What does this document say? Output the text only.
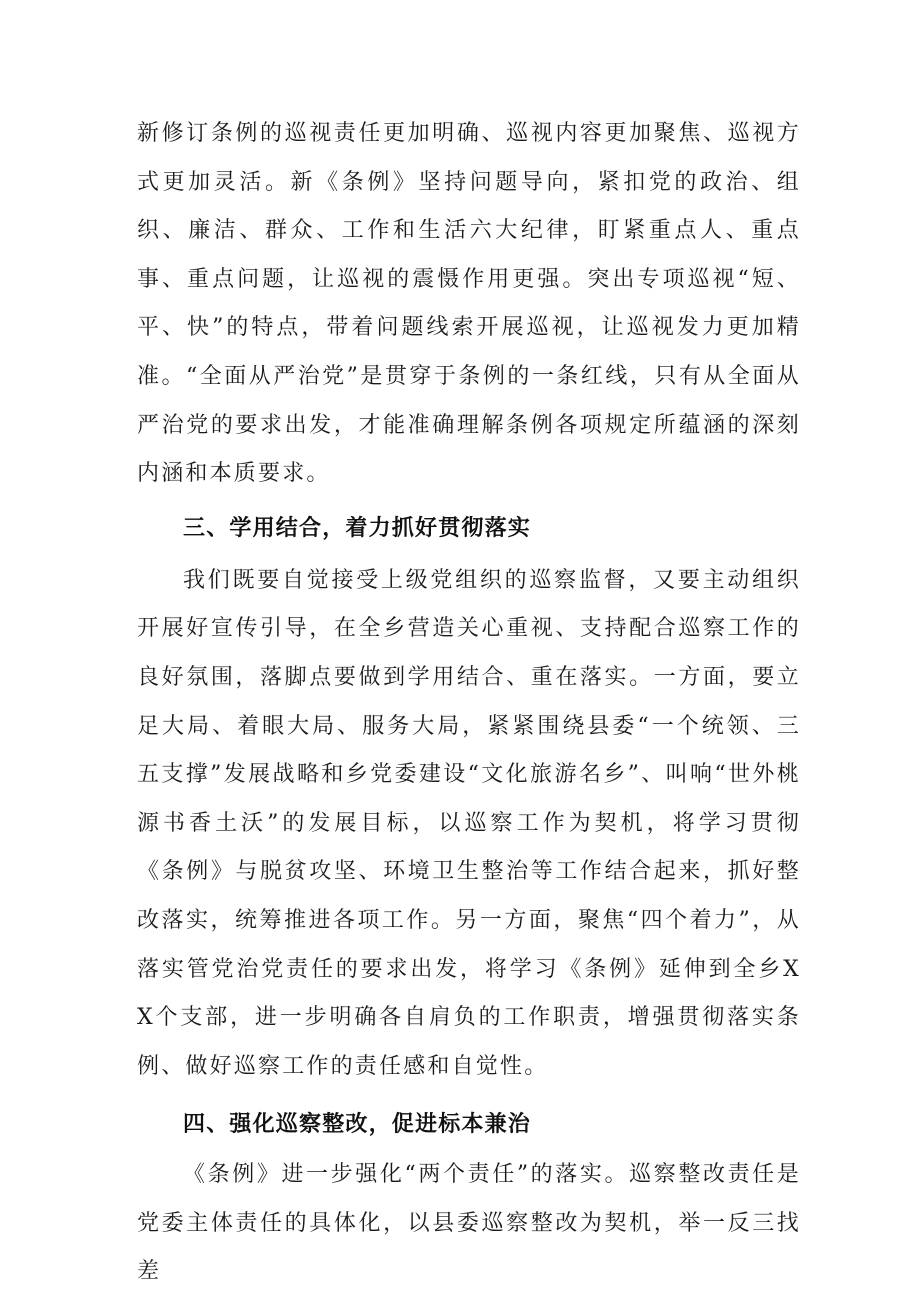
新修订条例的巡视责任更加明确、巡视内容更加聚焦、巡视方式更加灵活。新《条例》坚持问题导向，紧扣党的政治、组织、廉洁、群众、工作和生活六大纪律，盯紧重点人、重点事、重点问题，让巡视的震慑作用更强。突出专项巡视“短、平、快”的特点，带着问题线索开展巡视，让巡视发力更加精准。“全面从严治党”是贯穿于条例的一条红线，只有从全面从严治党的要求出发，才能准确理解条例各项规定所蕴涵的深刻内涵和本质要求。

三、学用结合，着力抓好贯彻落实

我们既要自觉接受上级党组织的巡察监督，又要主动组织开展好宣传引导，在全乡营造关心重视、支持配合巡察工作的良好氛围，落脚点要做到学用结合、重在落实。一方面，要立足大局、着眼大局、服务大局，紧紧围绕县委“一个统领、三五支撑”发展战略和乡党委建设“文化旅游名乡”、叫响“世外桃源书香土沃”的发展目标，以巡察工作为契机，将学习贯彻《条例》与脱贫攻坚、环境卫生整治等工作结合起来，抓好整改落实，统筹推进各项工作。另一方面，聚焦“四个着力”，从落实管党治党责任的要求出发，将学习《条例》延伸到全乡XX个支部，进一步明确各自肩负的工作职责，增强贯彻落实条例、做好巡察工作的责任感和自觉性。

四、强化巡察整改，促进标本兼治

《条例》进一步强化“两个责任”的落实。巡察整改责任是党委主体责任的具体化，以县委巡察整改为契机，举一反三找差
